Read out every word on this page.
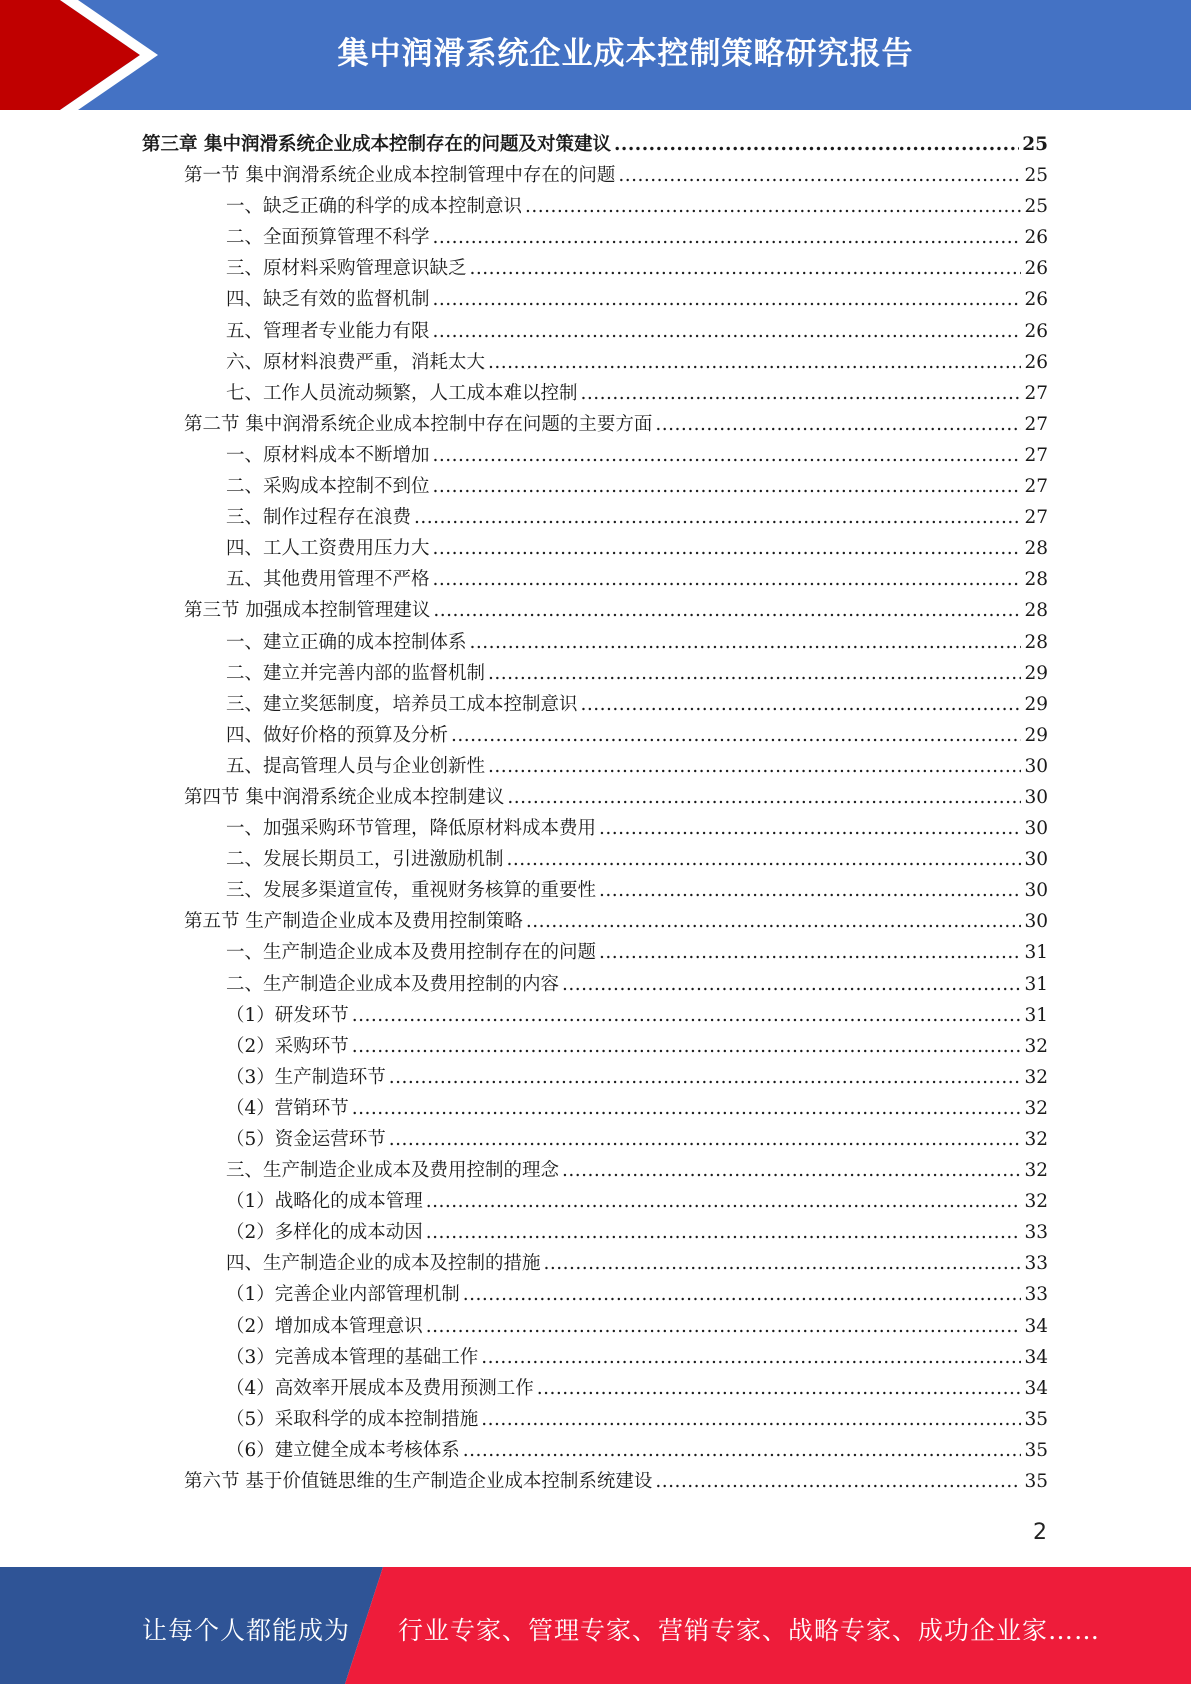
集中润滑系统企业成本控制策略研究报告
第三章 集中润滑系统企业成本控制存在的问题及对策建议 .....	25
第一节 集中润滑系统企业成本控制管理中存在的问题 .....	25
一、缺乏正确的科学的成本控制意识 .....	25
二、全面预算管理不科学 .....	26
三、原材料采购管理意识缺乏 .....	26
四、缺乏有效的监督机制 .....	26
五、管理者专业能力有限 .....	26
六、原材料浪费严重，消耗太大 .....	26
七、工作人员流动频繁，人工成本难以控制 .....	27
第二节 集中润滑系统企业成本控制中存在问题的主要方面 .....	27
一、原材料成本不断增加 .....	27
二、采购成本控制不到位 .....	27
三、制作过程存在浪费 .....	27
四、工人工资费用压力大 .....	28
五、其他费用管理不严格 .....	28
第三节 加强成本控制管理建议 .....	28
一、建立正确的成本控制体系 .....	28
二、建立并完善内部的监督机制 .....	29
三、建立奖惩制度，培养员工成本控制意识 .....	29
四、做好价格的预算及分析 .....	29
五、提高管理人员与企业创新性 .....	30
第四节 集中润滑系统企业成本控制建议 .....	30
一、加强采购环节管理，降低原材料成本费用 .....	30
二、发展长期员工，引进激励机制 .....	30
三、发展多渠道宣传，重视财务核算的重要性 .....	30
第五节 生产制造企业成本及费用控制策略 .....	30
一、生产制造企业成本及费用控制存在的问题 .....	31
二、生产制造企业成本及费用控制的内容 .....	31
（1）研发环节 .....	31
（2）采购环节 .....	32
（3）生产制造环节 .....	32
（4）营销环节 .....	32
（5）资金运营环节 .....	32
三、生产制造企业成本及费用控制的理念 .....	32
（1）战略化的成本管理 .....	32
（2）多样化的成本动因 .....	33
四、生产制造企业的成本及控制的措施 .....	33
（1）完善企业内部管理机制 .....	33
（2）增加成本管理意识 .....	34
（3）完善成本管理的基础工作 .....	34
（4）高效率开展成本及费用预测工作 .....	34
（5）采取科学的成本控制措施 .....	35
（6）建立健全成本考核体系 .....	35
第六节 基于价值链思维的生产制造企业成本控制系统建设 .....	35
2
让每个人都能成为 行业专家、管理专家、营销专家、战略专家、成功企业家……
